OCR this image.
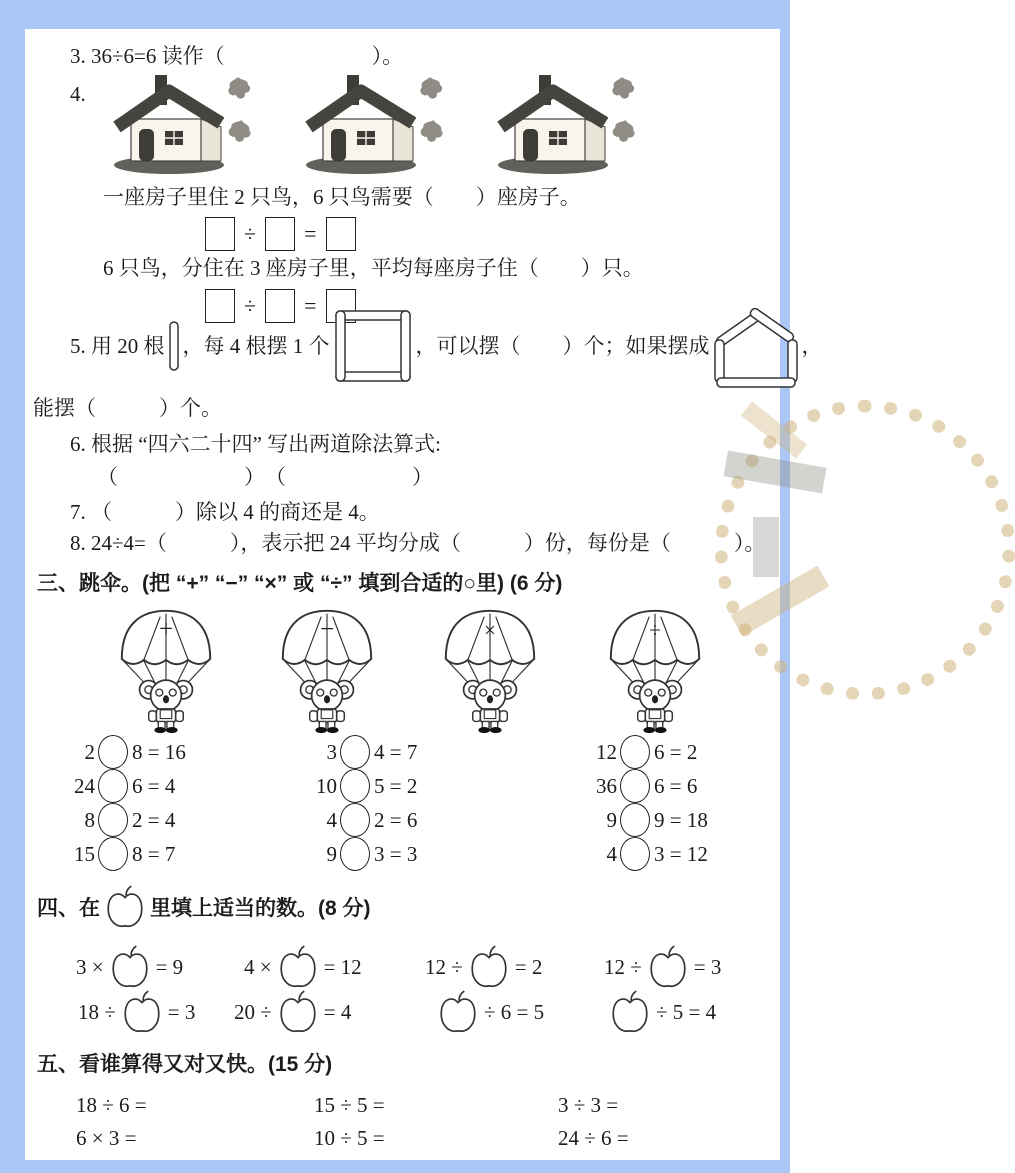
3. 36÷6=6 读作（　　　　　　　）。
4.
一座房子里住 2 只鸟，6 只鸟需要（　　）座房子。
÷ =
6 只鸟，分住在 3 座房子里，平均每座房子住（　　）只。
÷ =
5. 用 20 根 ，每 4 根摆 1 个	，可以摆（　　）个；如果摆成	，
能摆（　　　）个。
6. 根据 “四六二十四” 写出两道除法算式:
（　　　　　　）　（　　　　　　）
7. （　　　）除以 4 的商还是 4。
8. 24÷4=（　　　），表示把 24 平均分成（　　　）份，每份是（　　　）。
三、跳伞。(把 “+” “−” “×” 或 “÷” 填到合适的○里) (6 分)
+	−	×	÷
2 8 = 16
24 6 = 4
8 2 = 4
15 8 = 7
3 4 = 7
10 5 = 2
4 2 = 6
9 3 = 3
12 6 = 2
36 6 = 6
9 9 = 18
4 3 = 12
四、在 里填上适当的数。(8 分)
3 × = 9	4 × = 12	12 ÷ = 2	12 ÷ = 3
18 ÷ = 3 20 ÷ = 4	÷ 6 = 5	÷ 5 = 4
五、看谁算得又对又快。(15 分)
18 ÷ 6 =	15 ÷ 5 =	3 ÷ 3 =
6 × 3 =	10 ÷ 5 =	24 ÷ 6 =
